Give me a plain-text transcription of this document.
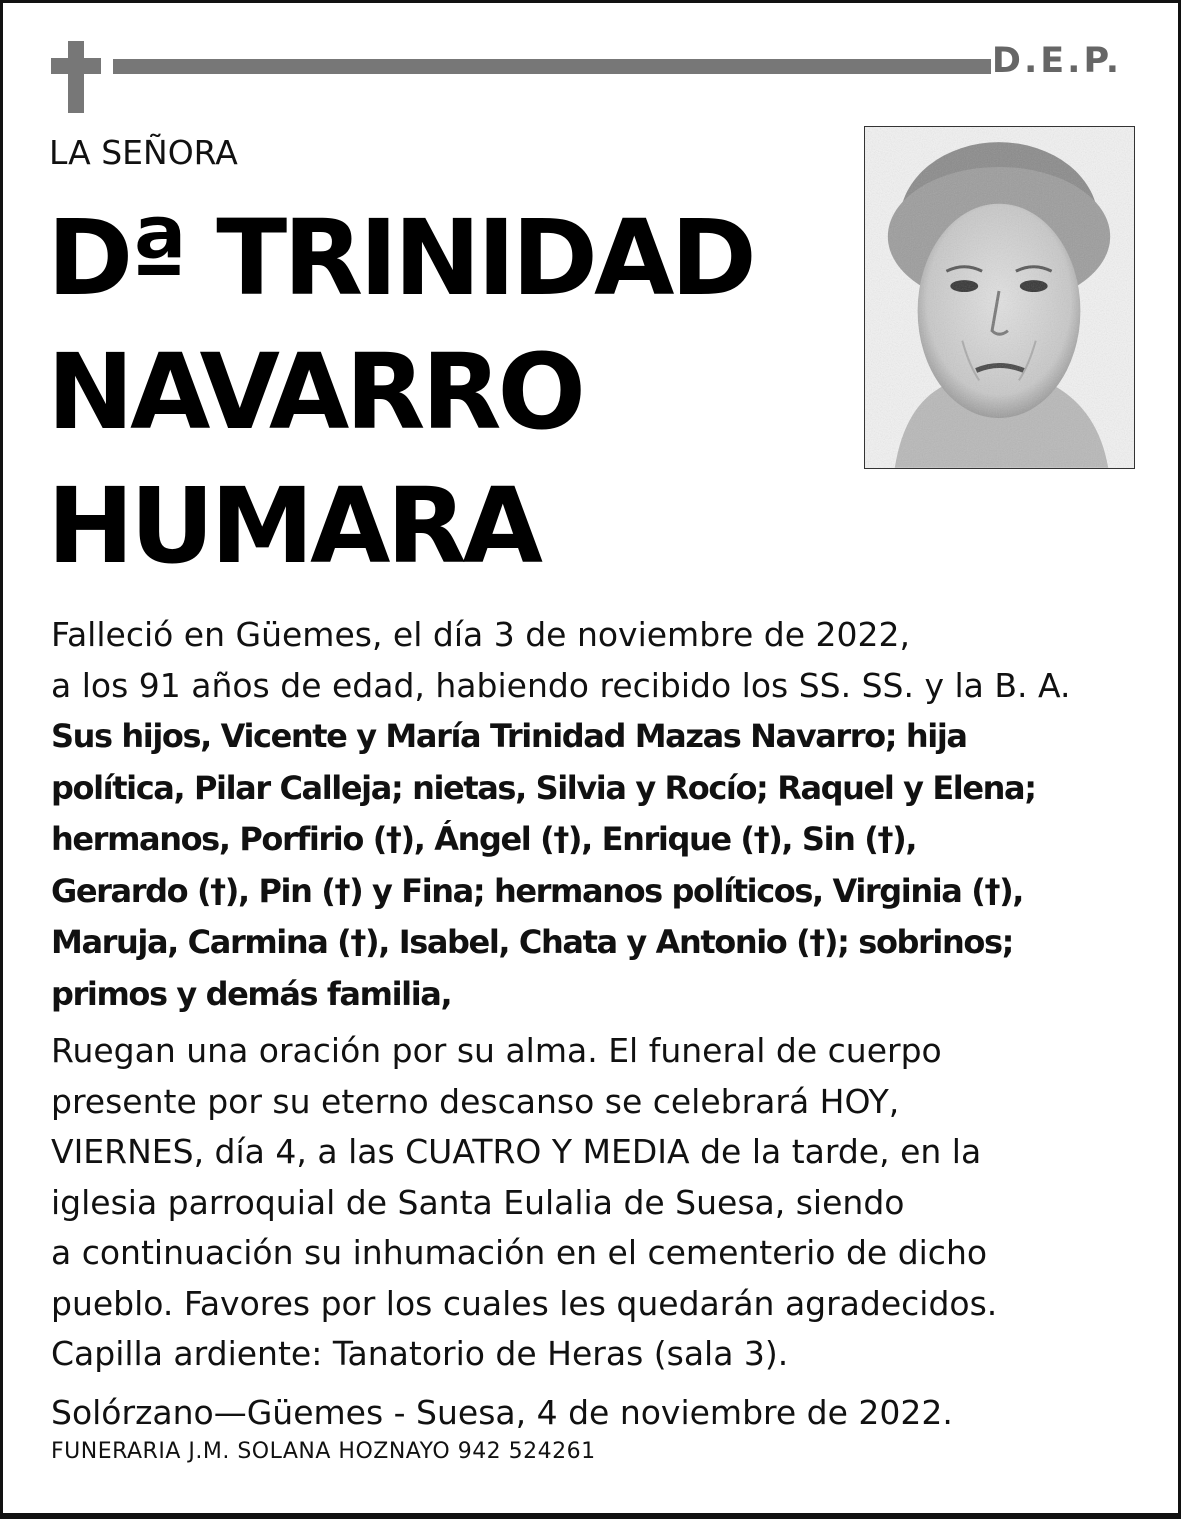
D.E.P.
LA SEÑORA
Dª TRINIDAD
NAVARRO
HUMARA
Falleció en Güemes, el día 3 de noviembre de 2022,
a los 91 años de edad, habiendo recibido los SS. SS. y la B. A.
Sus hijos, Vicente y María Trinidad Mazas Navarro; hija
política, Pilar Calleja; nietas, Silvia y Rocío; Raquel y Elena;
hermanos, Porfirio (†), Ángel (†), Enrique (†), Sin (†),
Gerardo (†), Pin (†) y Fina; hermanos políticos, Virginia (†),
Maruja, Carmina (†), Isabel, Chata y Antonio (†); sobrinos;
primos y demás familia,
Ruegan una oración por su alma. El funeral de cuerpo
presente por su eterno descanso se celebrará HOY,
VIERNES, día 4, a las CUATRO Y MEDIA de la tarde, en la
iglesia parroquial de Santa Eulalia de Suesa, siendo
a continuación su inhumación en el cementerio de dicho
pueblo. Favores por los cuales les quedarán agradecidos.
Capilla ardiente: Tanatorio de Heras (sala 3).
Solórzano—Güemes - Suesa, 4 de noviembre de 2022.
FUNERARIA J.M. SOLANA HOZNAYO 942 524261
